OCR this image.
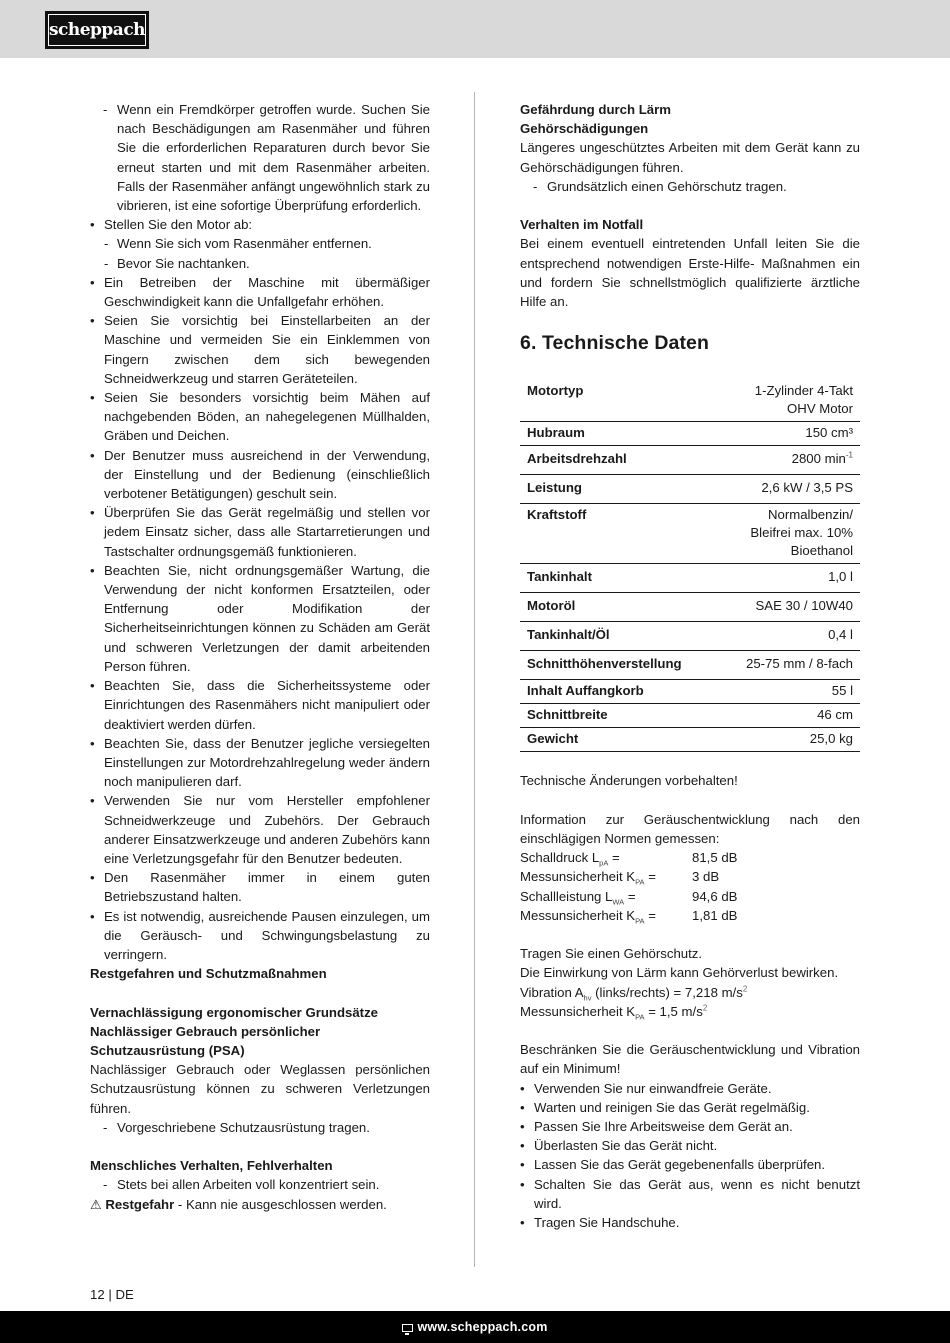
scheppach
- Wenn ein Fremdkörper getroffen wurde. Suchen Sie nach Beschädigungen am Rasenmäher und führen Sie die erforderlichen Reparaturen durch bevor Sie erneut starten und mit dem Rasenmäher arbeiten. Falls der Rasenmäher anfängt ungewöhnlich stark zu vibrieren, ist eine sofortige Überprüfung erforderlich.
• Stellen Sie den Motor ab:
- Wenn Sie sich vom Rasenmäher entfernen.
- Bevor Sie nachtanken.
• Ein Betreiben der Maschine mit übermäßiger Geschwindigkeit kann die Unfallgefahr erhöhen.
• Seien Sie vorsichtig bei Einstellarbeiten an der Maschine und vermeiden Sie ein Einklemmen von Fingern zwischen dem sich bewegenden Schneidwerkzeug und starren Geräteteilen.
• Seien Sie besonders vorsichtig beim Mähen auf nachgebenden Böden, an nahegelegenen Müllhalden, Gräben und Deichen.
• Der Benutzer muss ausreichend in der Verwendung, der Einstellung und der Bedienung (einschließlich verbotener Betätigungen) geschult sein.
• Überprüfen Sie das Gerät regelmäßig und stellen vor jedem Einsatz sicher, dass alle Startarretierungen und Tastschalter ordnungsgemäß funktionieren.
• Beachten Sie, nicht ordnungsgemäßer Wartung, die Verwendung der nicht konformen Ersatzteilen, oder Entfernung oder Modifikation der Sicherheitseinrichtungen können zu Schäden am Gerät und schweren Verletzungen der damit arbeitenden Person führen.
• Beachten Sie, dass die Sicherheitssysteme oder Einrichtungen des Rasenmähers nicht manipuliert oder deaktiviert werden dürfen.
• Beachten Sie, dass der Benutzer jegliche versiegelten Einstellungen zur Motordrehzahlregelung weder ändern noch manipulieren darf.
• Verwenden Sie nur vom Hersteller empfohlener Schneidwerkzeuge und Zubehörs. Der Gebrauch anderer Einsatzwerkzeuge und anderen Zubehörs kann eine Verletzungsgefahr für den Benutzer bedeuten.
• Den Rasenmäher immer in einem guten Betriebszustand halten.
• Es ist notwendig, ausreichende Pausen einzulegen, um die Geräusch- und Schwingungsbelastung zu verringern.
Restgefahren und Schutzmaßnahmen
Vernachlässigung ergonomischer Grundsätze
Nachlässiger Gebrauch persönlicher Schutzausrüstung (PSA)

Nachlässiger Gebrauch oder Weglassen persönlichen Schutzausrüstung können zu schweren Verletzungen führen.

- Vorgeschriebene Schutzausrüstung tragen.
Menschliches Verhalten, Fehlverhalten
- Stets bei allen Arbeiten voll konzentriert sein.
⚠ Restgefahr - Kann nie ausgeschlossen werden.
Gefährdung durch Lärm
Gehörschädigungen

Längeres ungeschütztes Arbeiten mit dem Gerät kann zu Gehörschädigungen führen.

- Grundsätzlich einen Gehörschutz tragen.
Verhalten im Notfall

Bei einem eventuell eintretenden Unfall leiten Sie die entsprechend notwendigen Erste-Hilfe- Maßnahmen ein und fordern Sie schnellstmöglich qualifizierte ärztliche Hilfe an.

6. Technische Daten
Motortyp	1-Zylinder 4-Takt
OHV Motor
Hubraum	150 cm³
Arbeitsdrehzahl	2800 $\min^{-1}$
Leistung	2,6 kW / 3,5 PS
Kraftstoff	Normalbenzin/
Bleifrei max. 10%
Bioethanol
Tankinhalt	1,0 l
Motoröl	SAE 30 / 10W40
Tankinhalt/Öl	0,4 l
Schnitthöhenverstellung	25-75 mm / 8-fach
Inhalt Auffangkorb	55 l
Schnittbreite	46 cm
Gewicht	25,0 kg
Technische Änderungen vorbehalten!

Information zur Geräuschentwicklung nach den einschlägigen Normen gemessen:

Schalldruck $L_{pA}$ =	81,5 dB
Messunsicherheit $K_{PA}$ =	3 dB
Schallleistung $L_{WA}$ =	94,6 dB
Messunsicherheit $K_{PA}$ =	1,81 dB
Tragen Sie einen Gehörschutz.

Die Einwirkung von Lärm kann Gehörverlust bewirken.

Vibration $A_{hv}$ (links/rechts) = 7,218 $m/s^2$
Messunsicherheit $K_{PA} = 1,5$ $m/s^2$

Beschränken Sie die Geräuschentwicklung und Vibration auf ein Minimum!

• Verwenden Sie nur einwandfreie Geräte.
• Warten und reinigen Sie das Gerät regelmäßig.
• Passen Sie Ihre Arbeitsweise dem Gerät an.
• Überlasten Sie das Gerät nicht.
• Lassen Sie das Gerät gegebenenfalls überprüfen.
• Schalten Sie das Gerät aus, wenn es nicht benutzt wird.
• Tragen Sie Handschuhe.
12 | DE
www.scheppach.com
